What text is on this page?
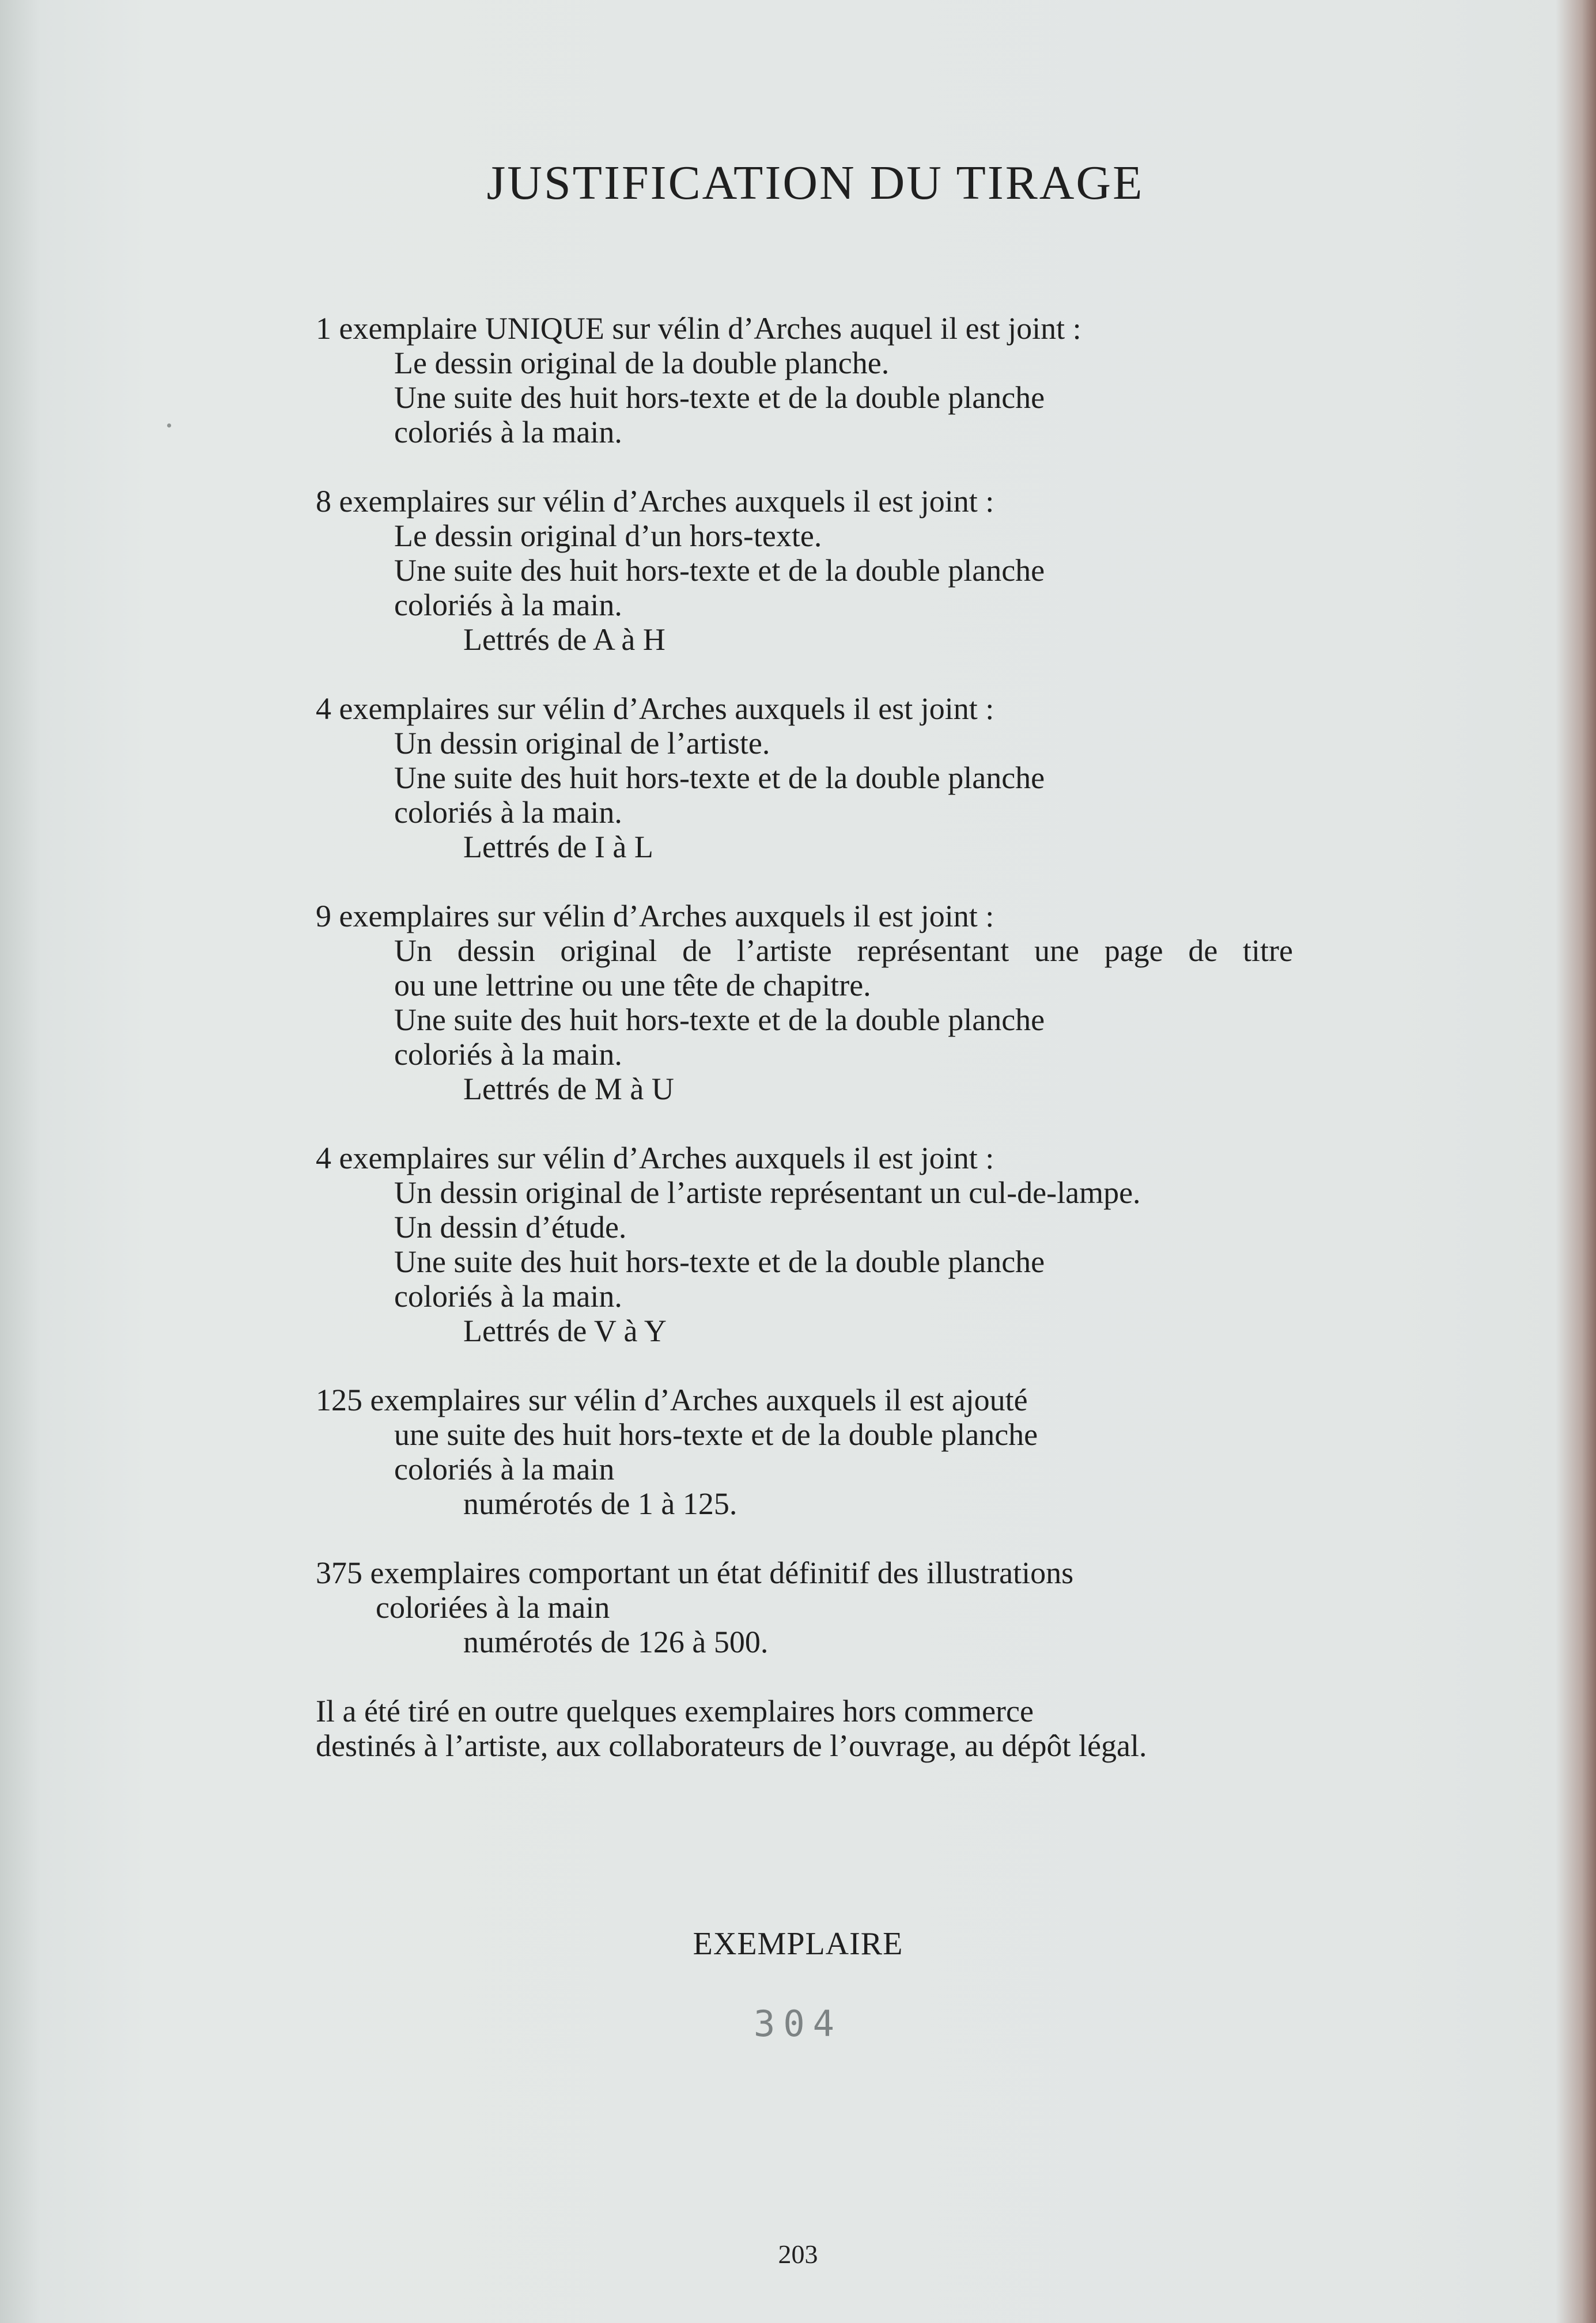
JUSTIFICATION DU TIRAGE
1 exemplaire UNIQUE sur vélin d’Arches auquel il est joint :
Le dessin original de la double planche.
Une suite des huit hors-texte et de la double planche
coloriés à la main.
8 exemplaires sur vélin d’Arches auxquels il est joint :
Le dessin original d’un hors-texte.
Une suite des huit hors-texte et de la double planche
coloriés à la main.
Lettrés de A à H
4 exemplaires sur vélin d’Arches auxquels il est joint :
Un dessin original de l’artiste.
Une suite des huit hors-texte et de la double planche
coloriés à la main.
Lettrés de I à L
9 exemplaires sur vélin d’Arches auxquels il est joint :
Un dessin original de l’artiste représentant une page de titre
ou une lettrine ou une tête de chapitre.
Une suite des huit hors-texte et de la double planche
coloriés à la main.
Lettrés de M à U
4 exemplaires sur vélin d’Arches auxquels il est joint :
Un dessin original de l’artiste représentant un cul-de-lampe.
Un dessin d’étude.
Une suite des huit hors-texte et de la double planche
coloriés à la main.
Lettrés de V à Y
125 exemplaires sur vélin d’Arches auxquels il est ajouté
une suite des huit hors-texte et de la double planche
coloriés à la main
numérotés de 1 à 125.
375 exemplaires comportant un état définitif des illustrations
coloriées à la main
numérotés de 126 à 500.
Il a été tiré en outre quelques exemplaires hors commerce
destinés à l’artiste, aux collaborateurs de l’ouvrage, au dépôt légal.
EXEMPLAIRE
304
203
